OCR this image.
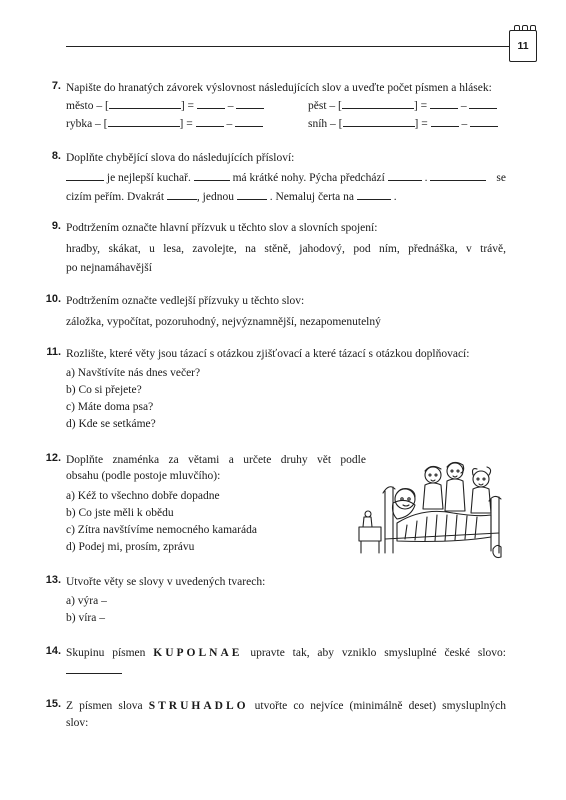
11
7. Napište do hranatých závorek výslovnost následujících slov a uveďte počet písmen a hlásek:
město – [	] =	–	pěst – [	] =	–
rybka – [	] =	–	sníh – [	] =	–
8. Doplňte chybějící slova do následujících přísloví:
je nejlepší kuchař.	má krátké nohy. Pýcha předchází	.	se
cizím peřím. Dvakrát	, jednou	. Nemaluj čerta na	.
9. Podtržením označte hlavní přízvuk u těchto slov a slovních spojení:
hradby, skákat, u lesa, zavolejte, na stěně, jahodový, pod ním, přednáška, v trávě,
po nejnamáhavější
10. Podtržením označte vedlejší přízvuky u těchto slov:
záložka, vypočítat, pozoruhodný, nejvýznamnější, nezapomenutelný
11. Rozlište, které věty jsou tázací s otázkou zjišťovací a které tázací s otázkou doplňovací:
a) Navštívíte nás dnes večer?
b) Co si přejete?
c) Máte doma psa?
d) Kde se setkáme?
12. Doplňte znaménka za větami a určete druhy vět podle
obsahu (podle postoje mluvčího):
a) Kéž to všechno dobře dopadne
b) Co jste měli k obědu
c) Zítra navštívíme nemocného kamaráda
d) Podej mi, prosím, zprávu
13. Utvořte věty se slovy v uvedených tvarech:
a) výra –
b) víra –
14. Skupinu písmen KUPOLNAE upravte tak, aby vzniklo smysluplné české slovo:
15. Z písmen slova STRUHADLO utvořte co nejvíce (minimálně deset) smysluplných
slov:
